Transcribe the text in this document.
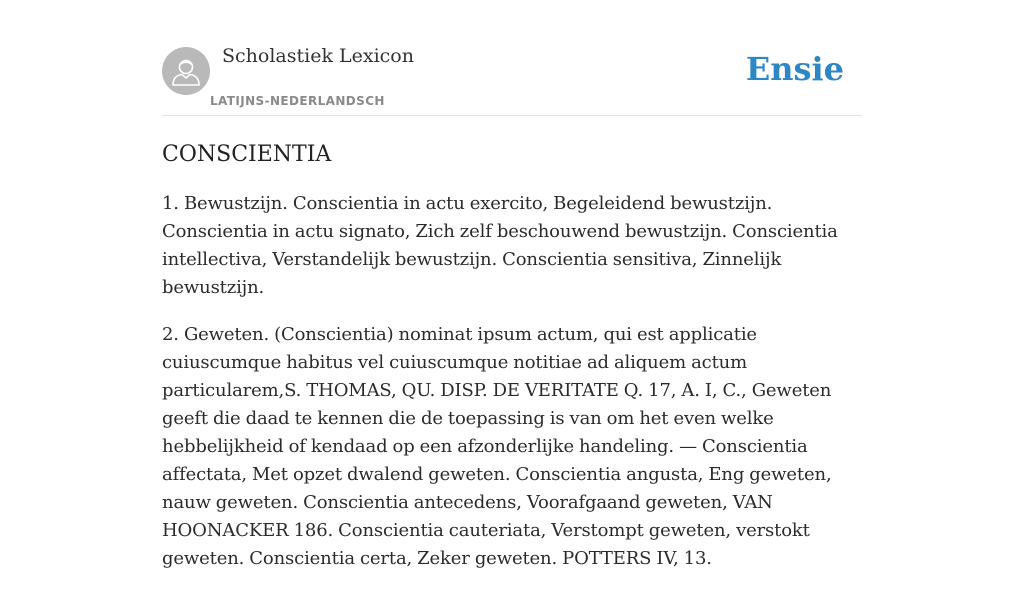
Scholastiek Lexicon
LATIJNS-NEDERLANDSCH
Ensie
CONSCIENTIA

1. Bewustzijn. Conscientia in actu exercito, Begeleidend bewustzijn. Conscientia in actu signato, Zich zelf beschouwend bewustzijn. Conscientia intellectiva, Verstandelijk bewustzijn. Conscientia sensitiva, Zinnelijk bewustzijn.

2. Geweten. (Conscientia) nominat ipsum actum, qui est applicatie cuiuscumque habitus vel cuiuscumque notitiae ad aliquem actum particularem,S. THOMAS, QU. DISP. DE VERITATE Q. 17, A. I, C., Geweten geeft die daad te kennen die de toepassing is van om het even welke hebbelijkheid of kendaad op een afzonderlijke handeling. — Conscientia affectata, Met opzet dwalend geweten. Conscientia angusta, Eng geweten, nauw geweten. Conscientia antecedens, Voorafgaand geweten, VAN HOONACKER 186. Conscientia cauteriata, Verstompt geweten, verstokt geweten. Conscientia certa, Zeker geweten. POTTERS IV, 13.
